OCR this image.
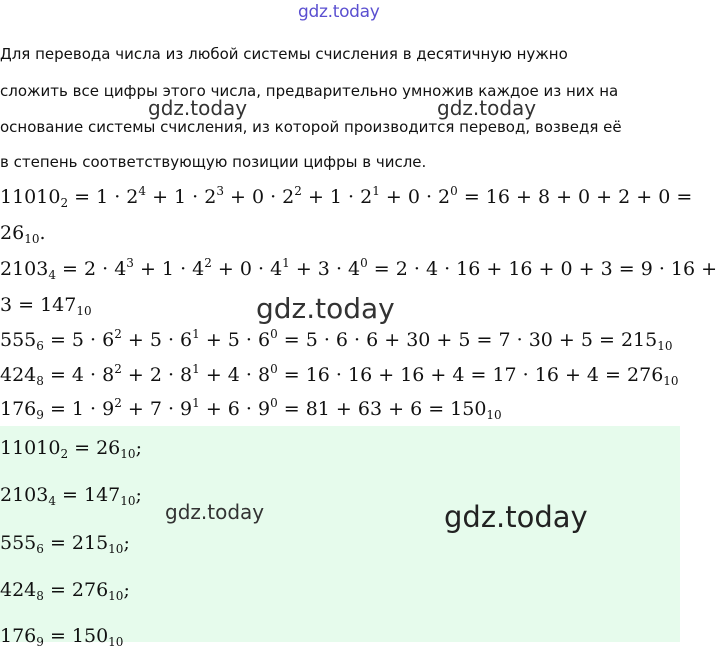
gdz.today
Для перевода числа из любой системы счисления в десятичную нужно
сложить все цифры этого числа, предварительно умножив каждое из них на
основание системы счисления, из которой производится перевод, возведя её
в степень соответствующую позиции цифры в числе.
gdz.today	gdz.today
$11010_2 = 1 \cdot 2^4 + 1 \cdot 2^3 + 0 \cdot 2^2 + 1 \cdot 2^1 + 0 \cdot 2^0 = 16 + 8 + 0 + 2 + 0$ =
$26_{10}$.
$2103_4 = 2 \cdot 4^3 + 1 \cdot 4^2 + 0 \cdot 4^1 + 3 \cdot 4^0 = 2 \cdot 4 \cdot 16 + 16 + 0 + 3 = 9 \cdot 16$ +
$3 = 147_{10}$	gdz.today
$555_6 = 5 \cdot 6^2 + 5 \cdot 6^1 + 5 \cdot 6^0 = 5 \cdot 6 \cdot 6 + 30 + 5 = 7 \cdot 30 + 5 = 215_{10}$
$424_8 = 4 \cdot 8^2 + 2 \cdot 8^1 + 4 \cdot 8^0 = 16 \cdot 16 + 16 + 4 = 17 \cdot 16 + 4 = 276_{10}$
$176_9 = 1 \cdot 9^2 + 7 \cdot 9^1 + 6 \cdot 9^0 = 81 + 63 + 6 = 150_{10}$
$11010_2 = 26_{10}$;
$2103_4 = 147_{10}$;
$555_6 = 215_{10}$;
$424_8 = 276_{10}$;
$176_9 = 150_{10}$
gdz.today	gdz.today
